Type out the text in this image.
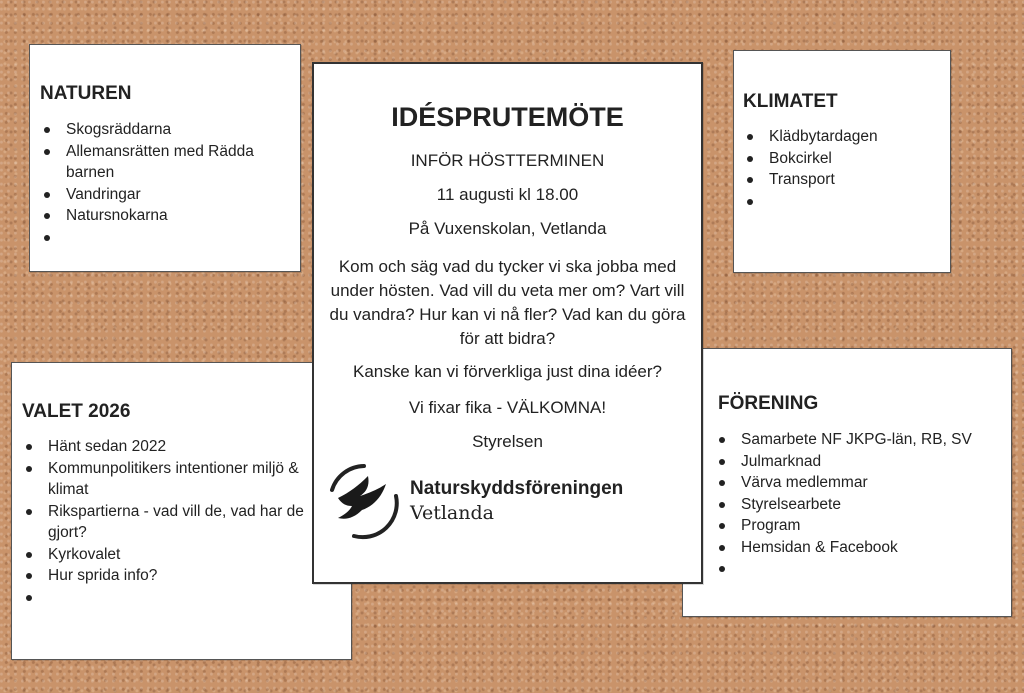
NATUREN
Skogsräddarna
Allemansrätten med Rädda barnen
Vandringar
Natursnokarna

KLIMATET
Klädbytardagen
Bokcirkel
Transport

VALET 2026
Hänt sedan 2022
Kommunpolitikers intentioner miljö & klimat
Rikspartierna - vad vill de, vad har de gjort?
Kyrkovalet
Hur sprida info?

FÖRENING
Samarbete NF JKPG-län, RB, SV
Julmarknad
Värva medlemmar
Styrelsearbete
Program
Hemsidan & Facebook

IDÉSPRUTEMÖTE
INFÖR HÖSTTERMINEN
11 augusti kl 18.00
På Vuxenskolan, Vetlanda
Kom och säg vad du tycker vi ska jobba med under hösten. Vad vill du veta mer om? Vart vill du vandra? Hur kan vi nå fler? Vad kan du göra för att bidra?
Kanske kan vi förverkliga just dina idéer?
Vi fixar fika - VÄLKOMNA!
Styrelsen
Naturskyddsföreningen
Vetlanda
